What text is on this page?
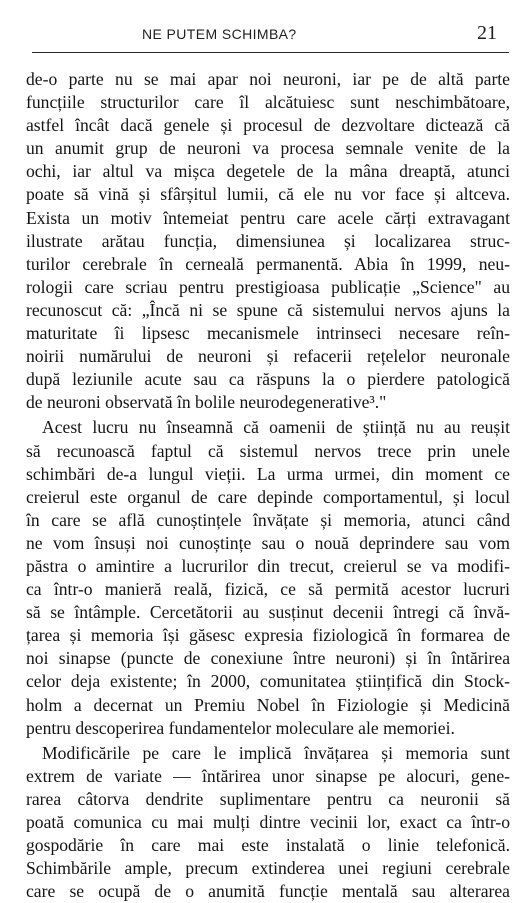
NE PUTEM SCHIMBA?	21
de-o parte nu se mai apar noi neuroni, iar pe de altă parte
funcțiile structurilor care îl alcătuiesc sunt neschimbătoare,
astfel încât dacă genele și procesul de dezvoltare dictează că
un anumit grup de neuroni va procesa semnale venite de la
ochi, iar altul va mișca degetele de la mâna dreaptă, atunci
poate să vină și sfârșitul lumii, că ele nu vor face și altceva.
Exista un motiv întemeiat pentru care acele cărți extravagant
ilustrate arătau funcția, dimensiunea și localizarea struc-
turilor cerebrale în cerneală permanentă. Abia în 1999, neu-
rologii care scriau pentru prestigioasa publicație „Science" au
recunoscut că: „Încă ni se spune că sistemului nervos ajuns la
maturitate îi lipsesc mecanismele intrinseci necesare reîn-
noirii numărului de neuroni și refacerii rețelelor neuronale
după leziunile acute sau ca răspuns la o pierdere patologică
de neuroni observată în bolile neurodegenerative³."
Acest lucru nu înseamnă că oamenii de știință nu au reușit
să recunoască faptul că sistemul nervos trece prin unele
schimbări de-a lungul vieții. La urma urmei, din moment ce
creierul este organul de care depinde comportamentul, și locul
în care se află cunoștințele învățate și memoria, atunci când
ne vom însuși noi cunoștințe sau o nouă deprindere sau vom
păstra o amintire a lucrurilor din trecut, creierul se va modifi-
ca într-o manieră reală, fizică, ce să permită acestor lucruri
să se întâmple. Cercetătorii au susținut decenii întregi că învă-
țarea și memoria își găsesc expresia fiziologică în formarea de
noi sinapse (puncte de conexiune între neuroni) și în întărirea
celor deja existente; în 2000, comunitatea științifică din Stock-
holm a decernat un Premiu Nobel în Fiziologie și Medicină
pentru descoperirea fundamentelor moleculare ale memoriei.
Modificările pe care le implică învățarea și memoria sunt
extrem de variate — întărirea unor sinapse pe alocuri, gene-
rarea câtorva dendrite suplimentare pentru ca neuronii să
poată comunica cu mai mulți dintre vecinii lor, exact ca într-o
gospodărie în care mai este instalată o linie telefonică.
Schimbările ample, precum extinderea unei regiuni cerebrale
care se ocupă de o anumită funcție mentală sau alterarea
